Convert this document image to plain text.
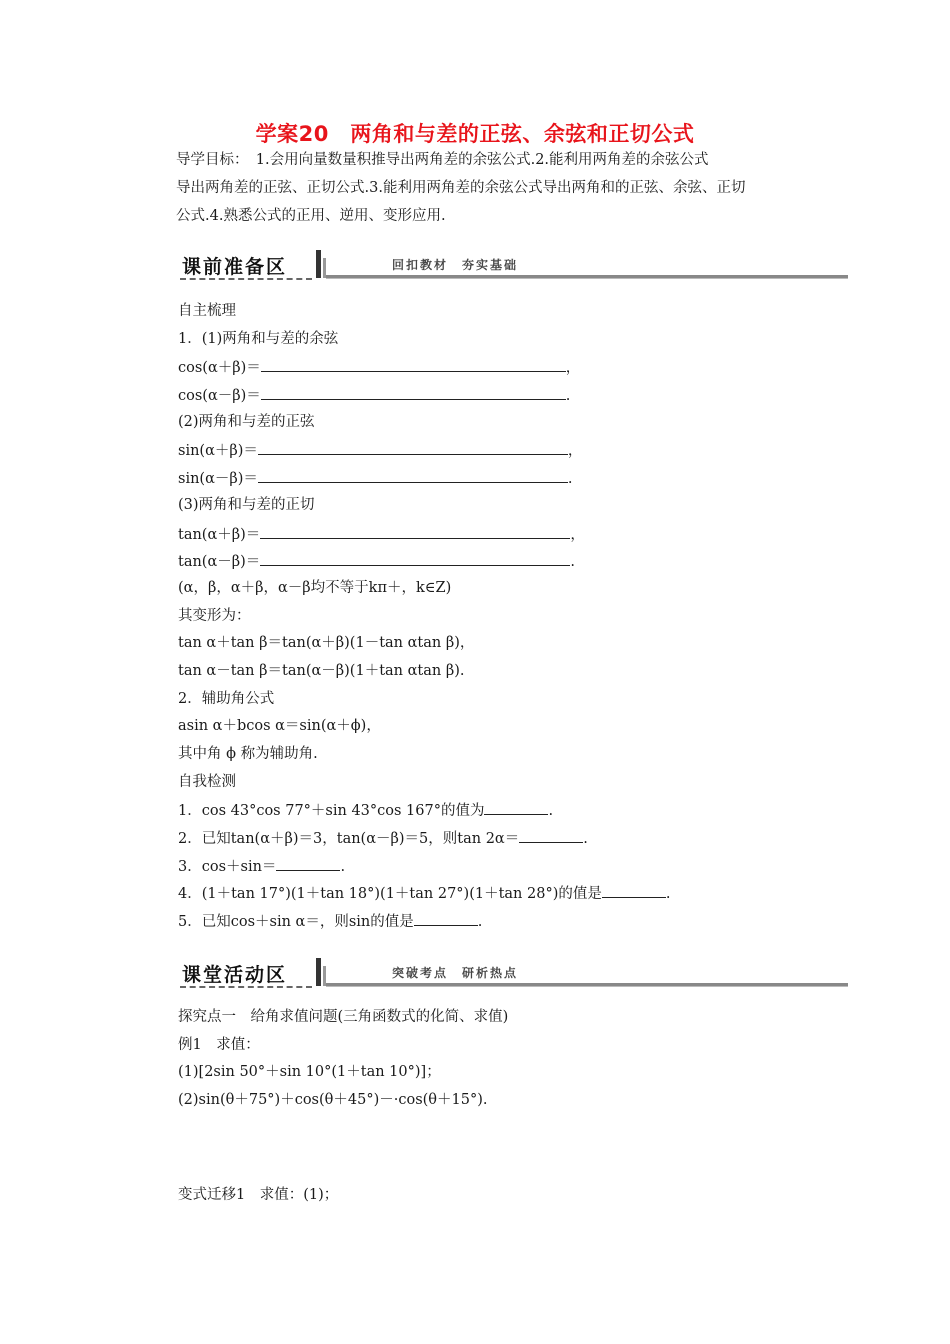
学案20　两角和与差的正弦、余弦和正切公式
导学目标：　1.会用向量数量积推导出两角差的余弦公式.2.能利用两角差的余弦公式
导出两角差的正弦、正切公式.3.能利用两角差的余弦公式导出两角和的正弦、余弦、正切
公式.4.熟悉公式的正用、逆用、变形应用.
课前准备区	回扣教材　夯实基础
自主梳理
1．(1)两角和与差的余弦
cos(α＋β)＝	，
cos(α－β)＝	.
(2)两角和与差的正弦
sin(α＋β)＝	，
sin(α－β)＝	.
(3)两角和与差的正切
tan(α＋β)＝	，
tan(α－β)＝	.
(α，β，α＋β，α－β均不等于kπ＋，k∈Z)
其变形为：
tan α＋tan β＝tan(α＋β)(1－tan αtan β)，
tan α－tan β＝tan(α－β)(1＋tan αtan β).
2．辅助角公式
asin α＋bcos α＝sin(α＋ϕ)，
其中角 ϕ 称为辅助角.
自我检测
1．cos 43°cos 77°＋sin 43°cos 167°的值为	.
2．已知tan(α＋β)＝3，tan(α－β)＝5，则tan 2α＝	.
3．cos＋sin＝	.
4．(1＋tan 17°)(1＋tan 18°)(1＋tan 27°)(1＋tan 28°)的值是	.
5．已知cos＋sin α＝，则sin的值是	.
课堂活动区	突破考点　研析热点
探究点一　给角求值问题(三角函数式的化简、求值)
例1　求值：
(1)[2sin 50°＋sin 10°(1＋tan 10°)]；
(2)sin(θ＋75°)＋cos(θ＋45°)－·cos(θ＋15°).
变式迁移1　求值：(1)；
